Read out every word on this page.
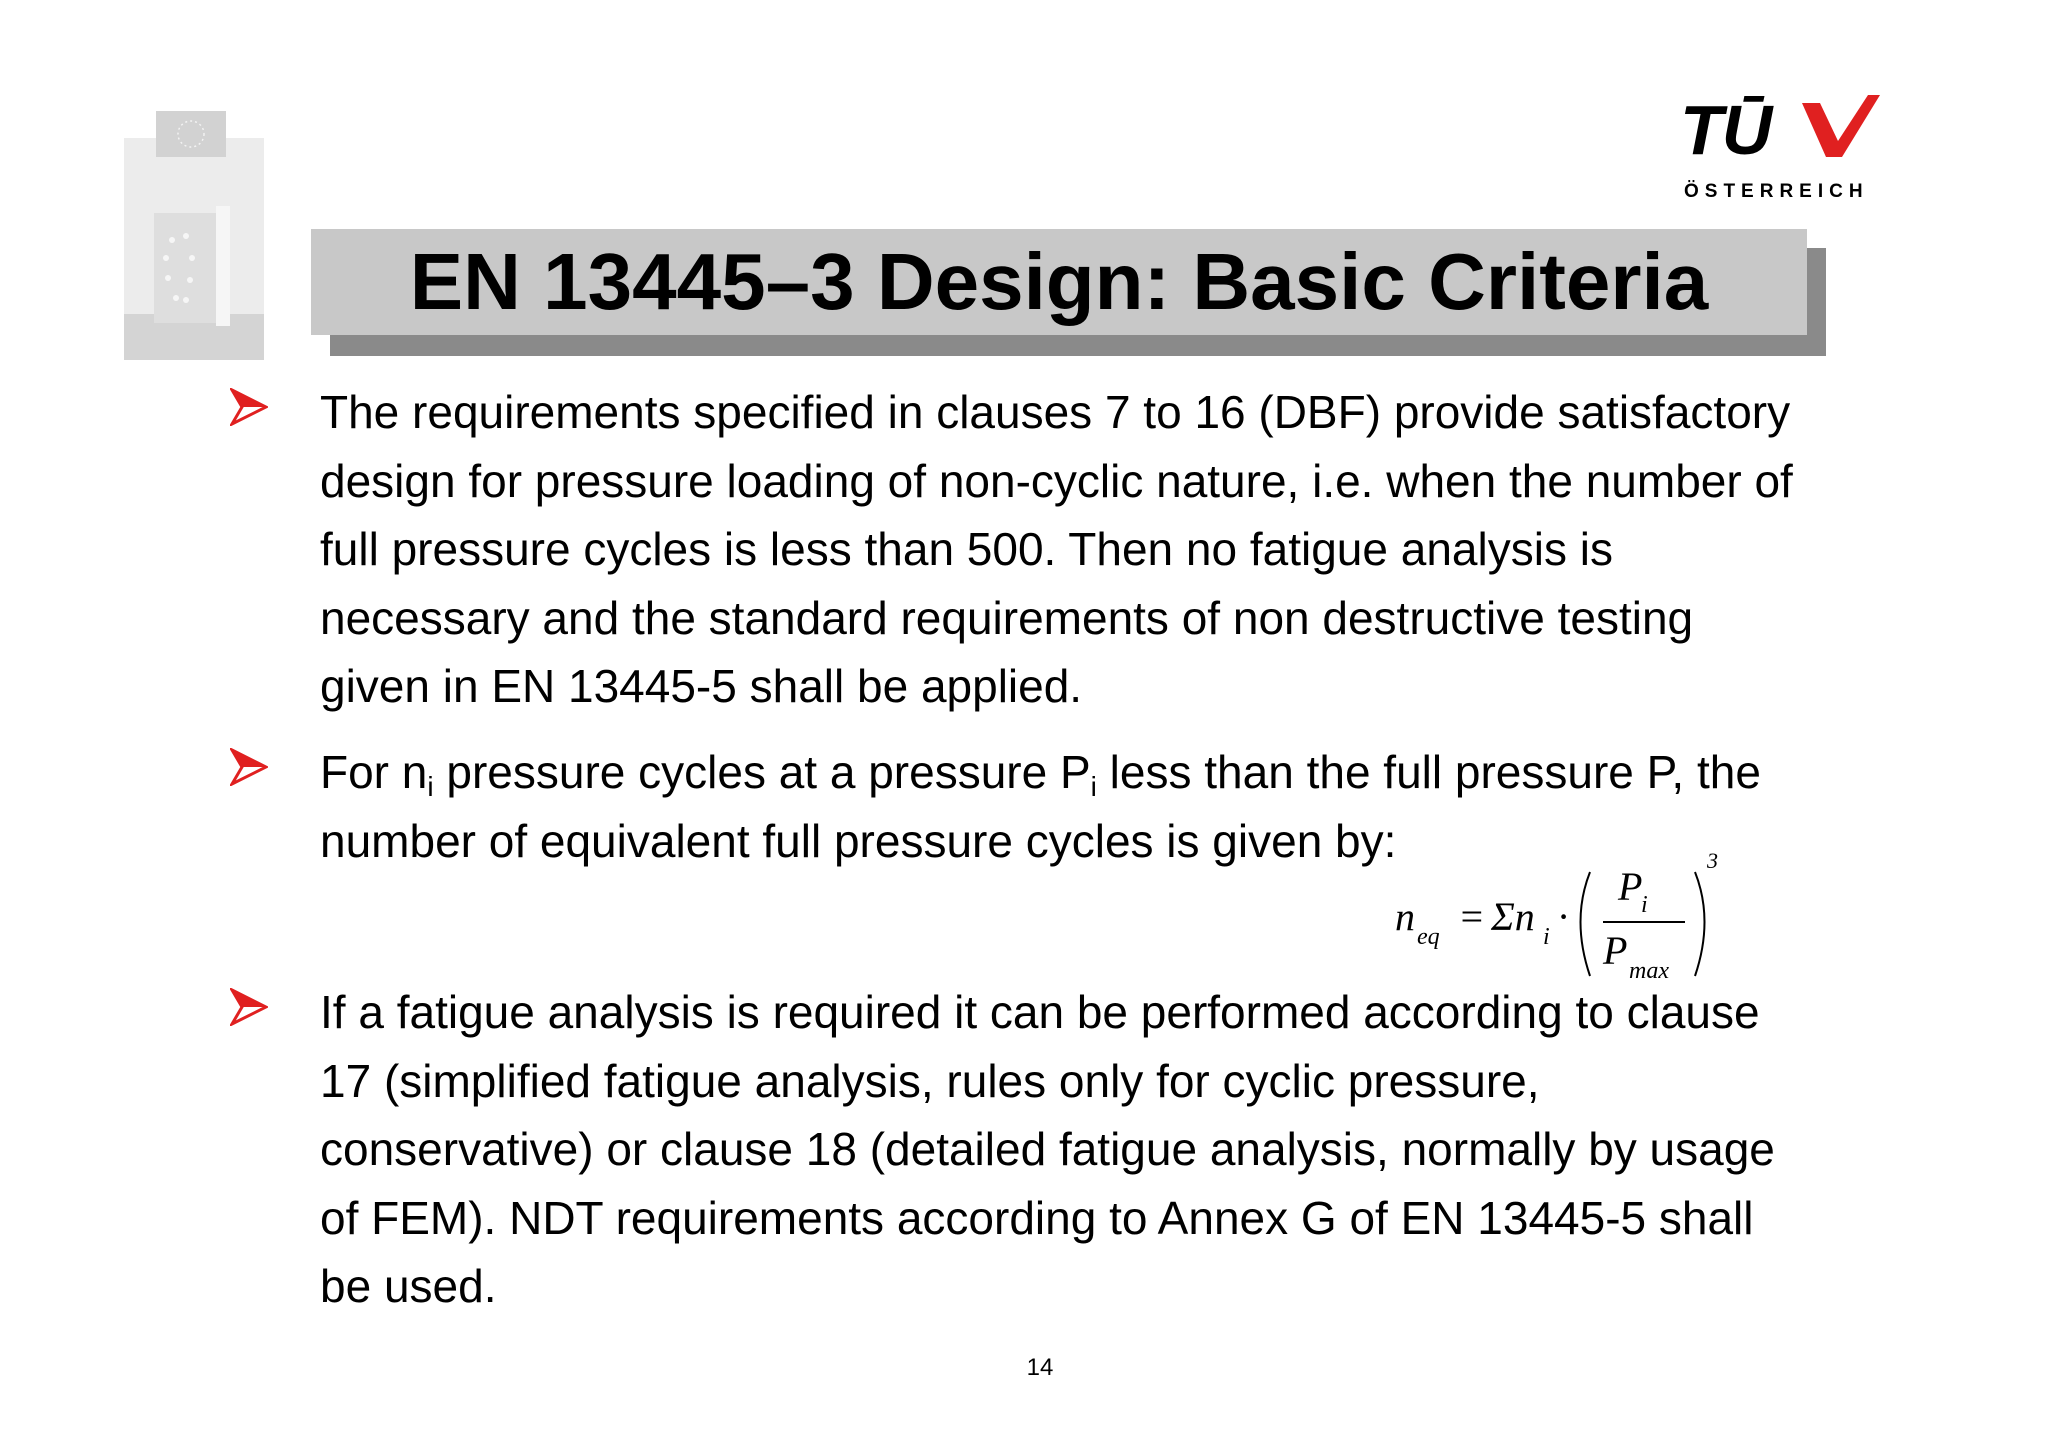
TŪ
ÖSTERREICH
EN 13445–3 Design: Basic Criteria
The requirements specified in clauses 7 to 16 (DBF) provide satisfactory design for pressure loading of non-cyclic nature, i.e. when the number of full pressure cycles is less than 500. Then no fatigue analysis is necessary and the standard requirements of non destructive testing given in EN 13445-5 shall be applied.
For $n_i$ pressure cycles at a pressure $P_i$ less than the full pressure P, the number of equivalent full pressure cycles is given by:
n eq = Σn i ·
P
i
P max
3
If a fatigue analysis is required it can be performed according to clause 17 (simplified fatigue analysis, rules only for cyclic pressure, conservative) or clause 18 (detailed fatigue analysis, normally by usage of FEM). NDT requirements according to Annex G of EN 13445-5 shall be used.
14
